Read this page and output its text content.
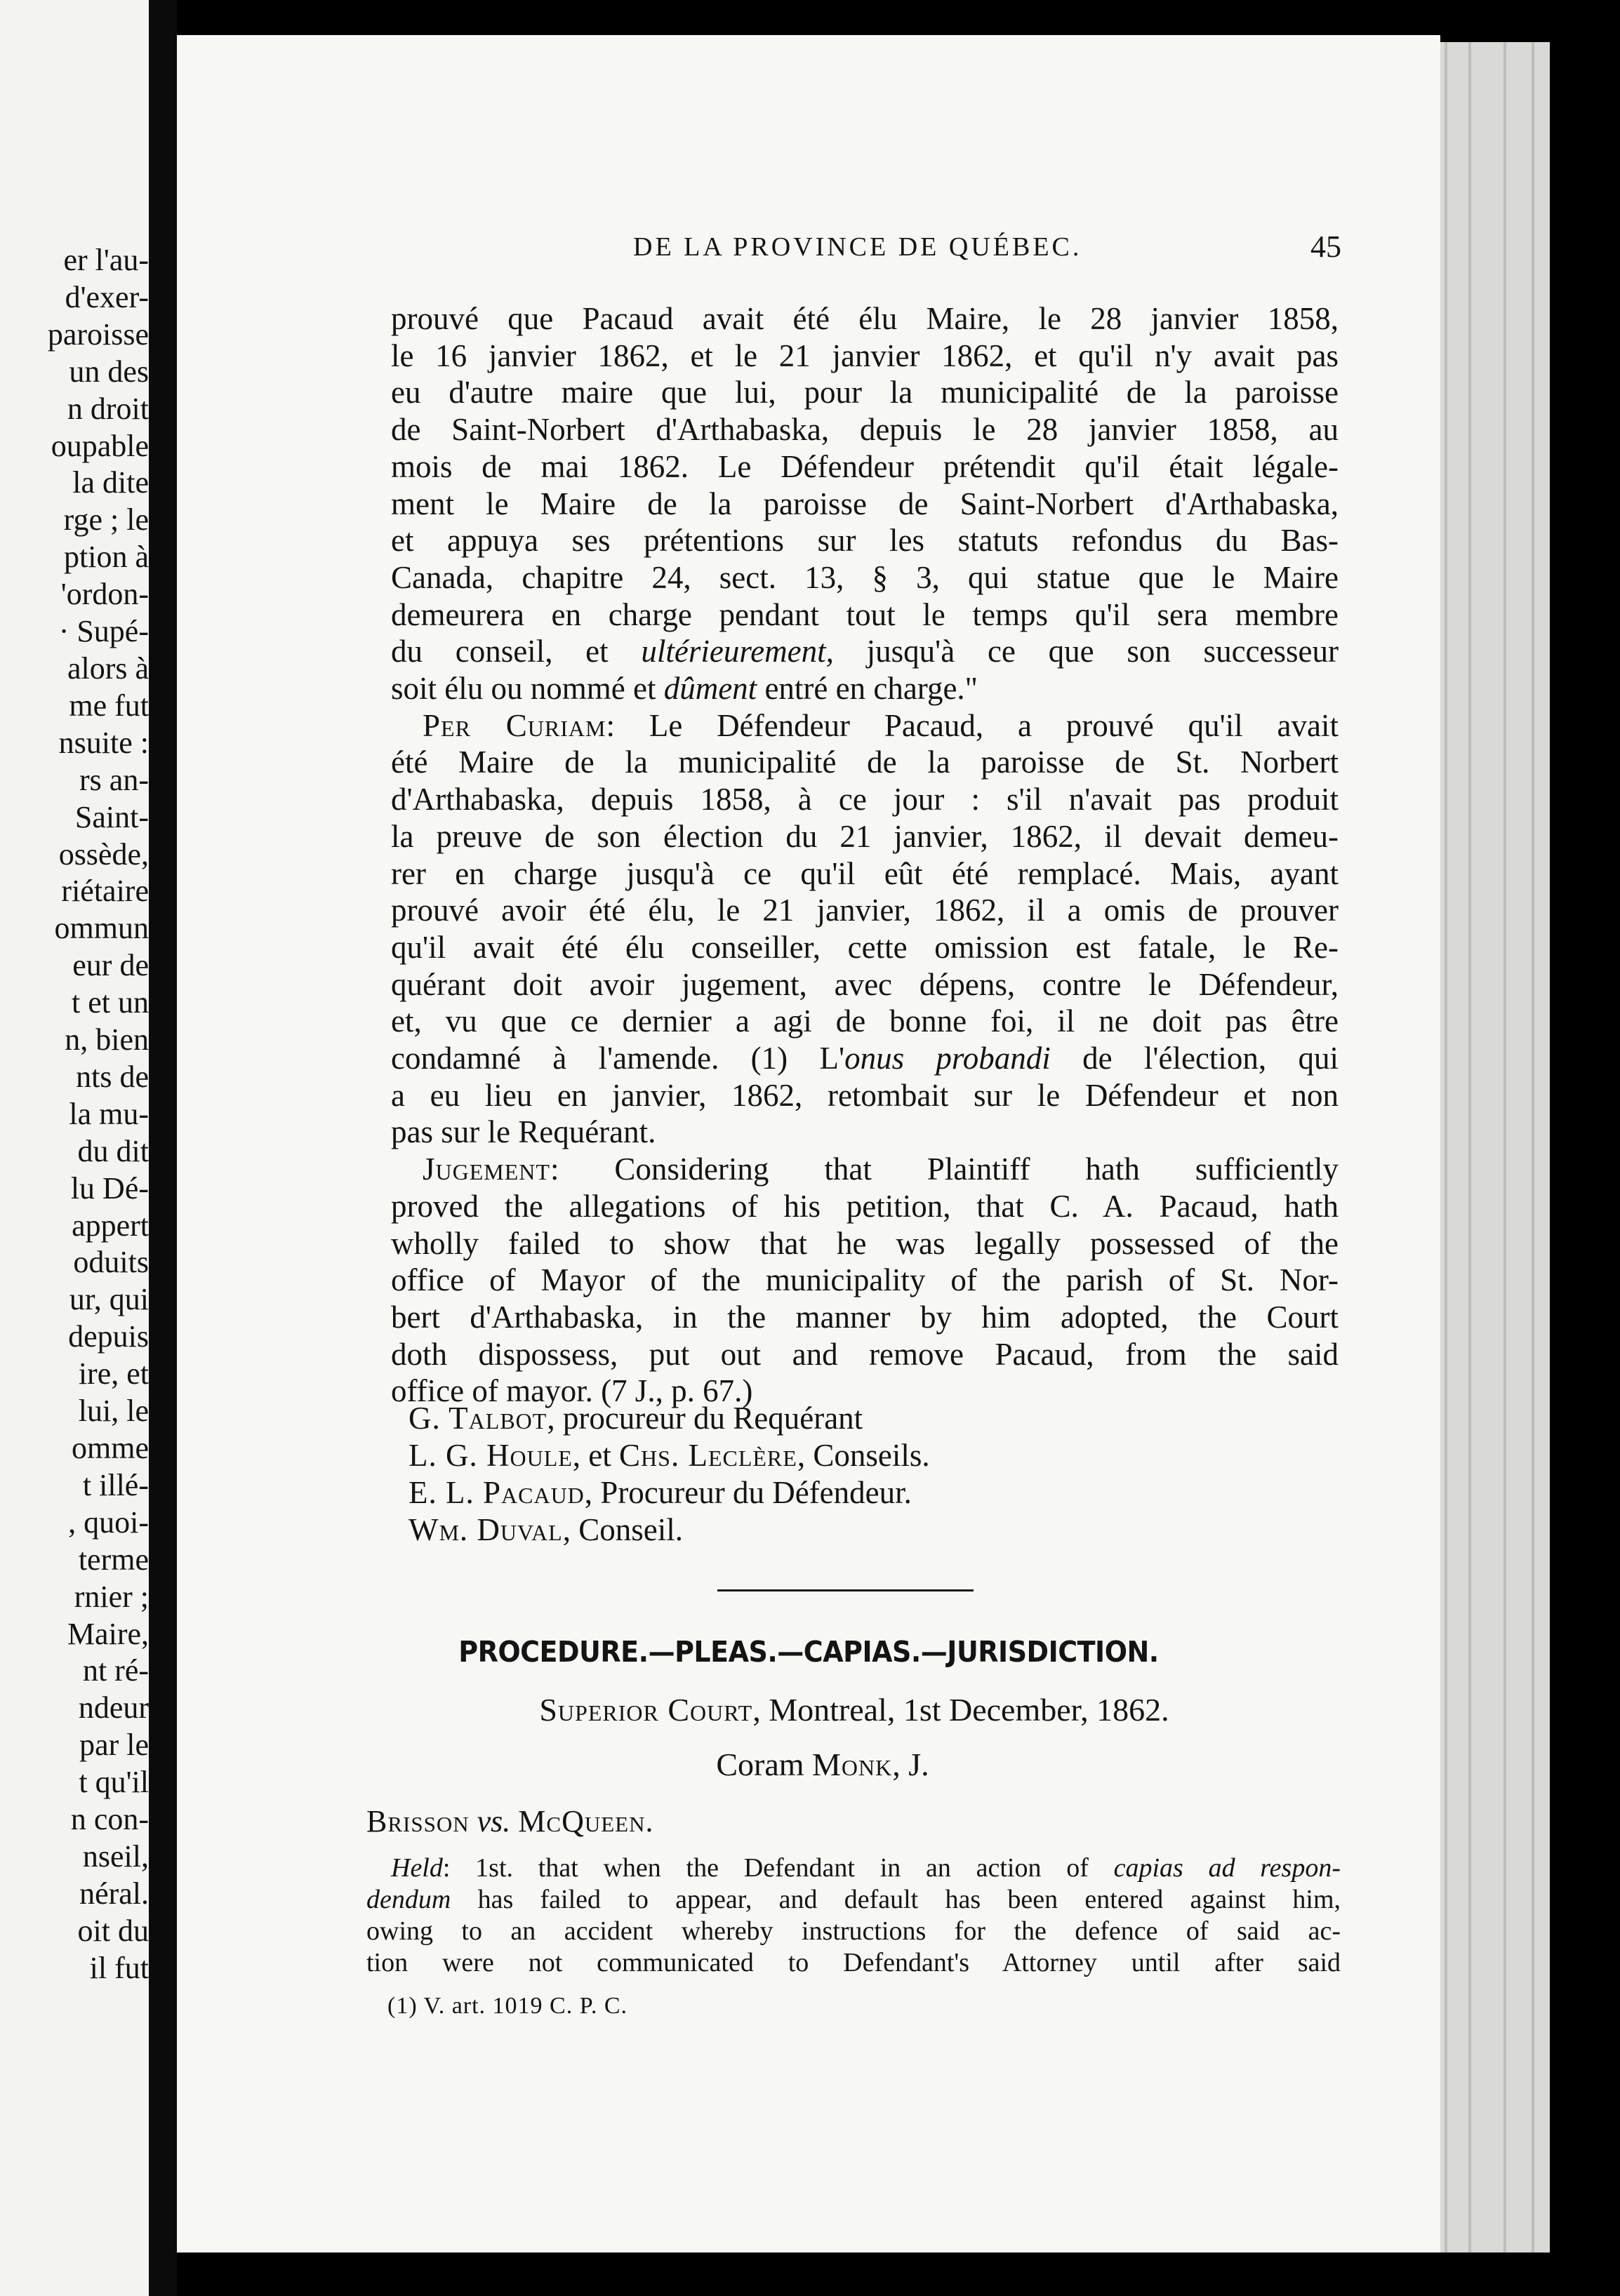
er l'au-
d'exer-
paroisse
un des
n droit
oupable
la dite
rge ; le
ption à
'ordon-
· Supé-
alors à
me fut
nsuite :
rs an-
Saint-
ossède,
riétaire
ommun
eur de
t et un
n, bien
nts de
la mu-
du dit
lu Dé-
appert
oduits
ur, qui
depuis
ire, et
lui, le
omme
t illé-
, quoi-
terme
rnier ;
Maire,
nt ré-
ndeur
par le
t qu'il
n con-
nseil,
néral.
oit du
il fut
DE LA PROVINCE DE QUÉBEC.	45

prouvé que Pacaud avait été élu Maire, le 28 janvier 1858,

le 16 janvier 1862, et le 21 janvier 1862, et qu'il n'y avait pas

eu d'autre maire que lui, pour la municipalité de la paroisse

de Saint-Norbert d'Arthabaska, depuis le 28 janvier 1858, au

mois de mai 1862. Le Défendeur prétendit qu'il était légale-

ment le Maire de la paroisse de Saint-Norbert d'Arthabaska,

et appuya ses prétentions sur les statuts refondus du Bas-

Canada, chapitre 24, sect. 13, § 3, qui statue que le Maire

demeurera en charge pendant tout le temps qu'il sera membre

du conseil, et ultérieurement, jusqu'à ce que son successeur

soit élu ou nommé et dûment entré en charge."

Per Curiam: Le Défendeur Pacaud, a prouvé qu'il avait

été Maire de la municipalité de la paroisse de St. Norbert

d'Arthabaska, depuis 1858, à ce jour : s'il n'avait pas produit

la preuve de son élection du 21 janvier, 1862, il devait demeu-

rer en charge jusqu'à ce qu'il eût été remplacé. Mais, ayant

prouvé avoir été élu, le 21 janvier, 1862, il a omis de prouver

qu'il avait été élu conseiller, cette omission est fatale, le Re-

quérant doit avoir jugement, avec dépens, contre le Défendeur,

et, vu que ce dernier a agi de bonne foi, il ne doit pas être

condamné à l'amende. (1) L'onus probandi de l'élection, qui

a eu lieu en janvier, 1862, retombait sur le Défendeur et non

pas sur le Requérant.

Jugement: Considering that Plaintiff hath sufficiently

proved the allegations of his petition, that C. A. Pacaud, hath

wholly failed to show that he was legally possessed of the

office of Mayor of the municipality of the parish of St. Nor-

bert d'Arthabaska, in the manner by him adopted, the Court

doth dispossess, put out and remove Pacaud, from the said

office of mayor. (7 J., p. 67.)

G. Talbot, procureur du Requérant
L. G. Houle, et Chs. Leclère, Conseils.
E. L. Pacaud, Procureur du Défendeur.
Wm. Duval, Conseil.
PROCEDURE.—PLEAS.—CAPIAS.—JURISDICTION.
Superior Court, Montreal, 1st December, 1862.
Coram Monk, J.
Brisson vs. McQueen.

Held: 1st. that when the Defendant in an action of capias ad respon-

dendum has failed to appear, and default has been entered against him,

owing to an accident whereby instructions for the defence of said ac-

tion were not communicated to Defendant's Attorney until after said

(1) V. art. 1019 C. P. C.
